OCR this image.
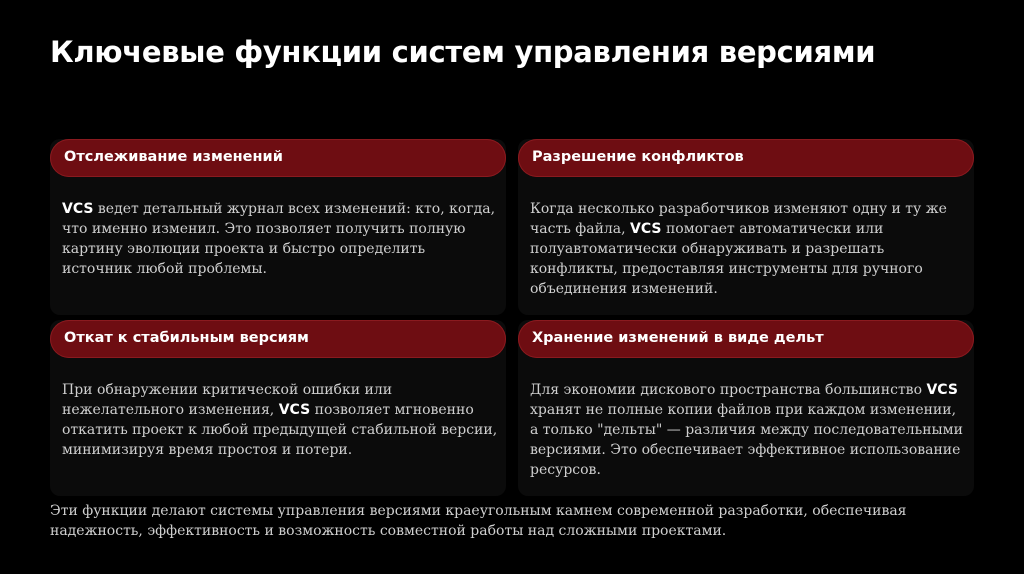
Ключевые функции систем управления версиями
Отслеживание изменений
VCS ведет детальный журнал всех изменений: кто, когда, что именно изменил. Это позволяет получить полную картину эволюции проекта и быстро определить источник любой проблемы.
Разрешение конфликтов
Когда несколько разработчиков изменяют одну и ту же часть файла, VCS помогает автоматически или полуавтоматически обнаруживать и разрешать конфликты, предоставляя инструменты для ручного объединения изменений.
Откат к стабильным версиям
При обнаружении критической ошибки или нежелательного изменения, VCS позволяет мгновенно откатить проект к любой предыдущей стабильной версии, минимизируя время простоя и потери.
Хранение изменений в виде дельт
Для экономии дискового пространства большинство VCS хранят не полные копии файлов при каждом изменении, а только "дельты" — различия между последовательными версиями. Это обеспечивает эффективное использование ресурсов.
Эти функции делают системы управления версиями краеугольным камнем современной разработки, обеспечивая надежность, эффективность и возможность совместной работы над сложными проектами.
